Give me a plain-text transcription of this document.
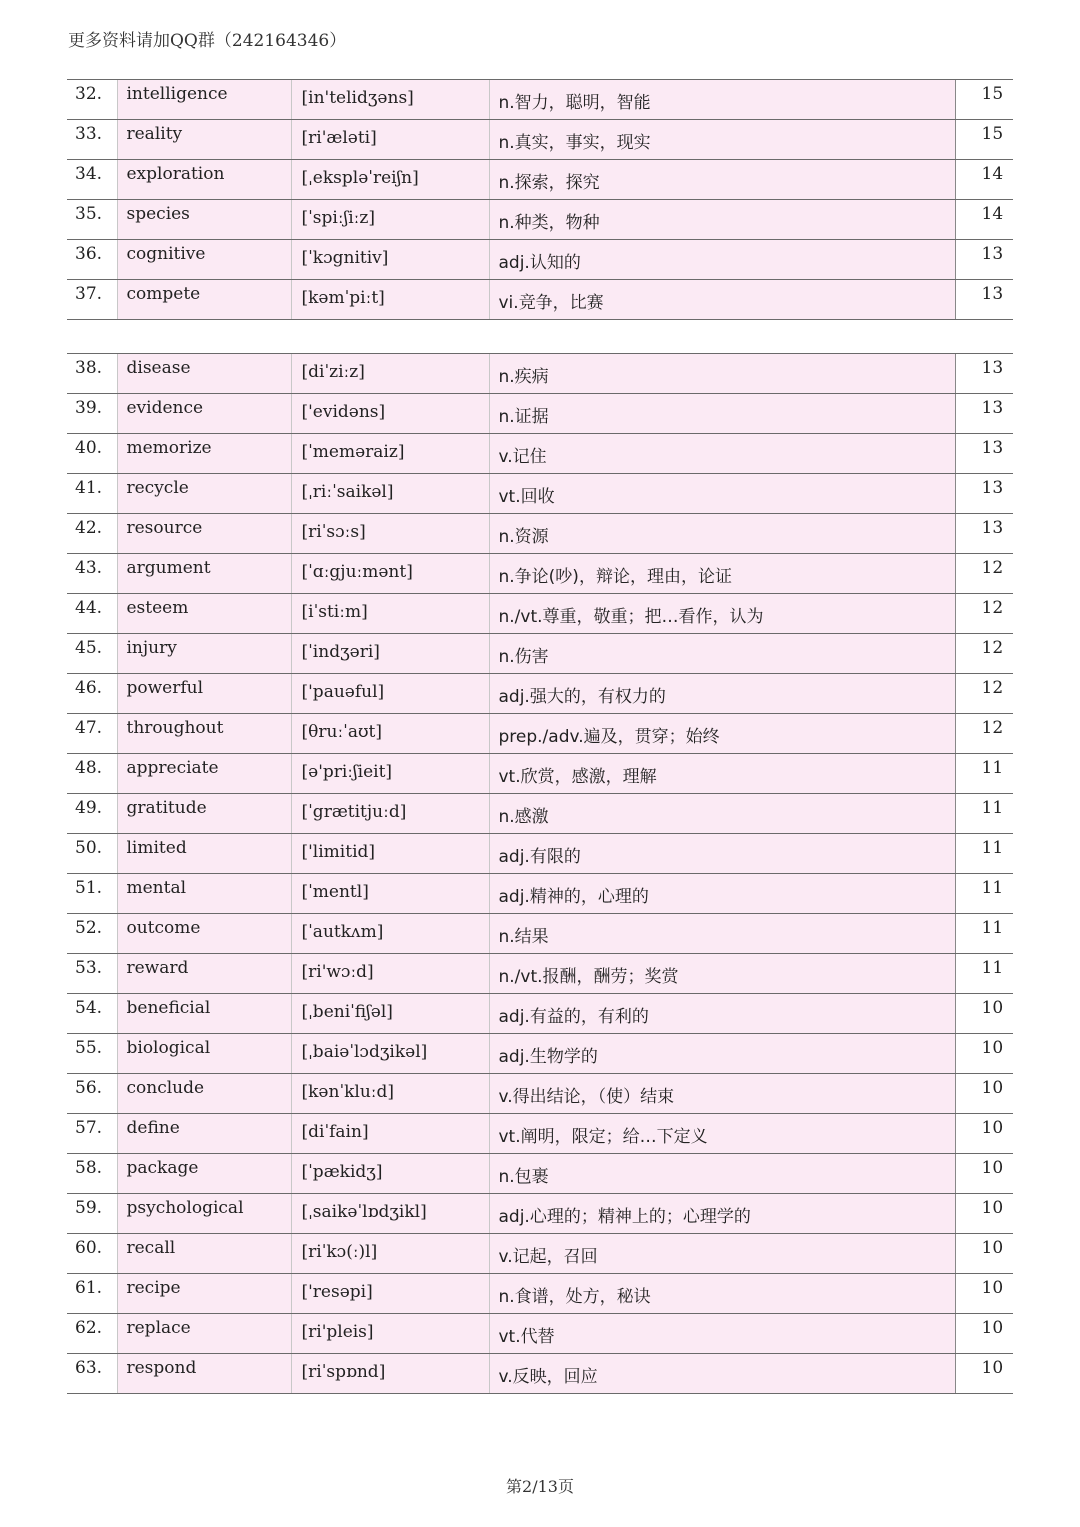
更多资料请加QQ群（242164346）
32.	intelligence	[in'telidʒəns]	n.智力，聪明，智能	15
33.	reality	[ri'æləti]	n.真实，事实，现实	15
34.	exploration	[ˌekspləˈreiʃn]	n.探索，探究	14
35.	species	[ˈspiːʃiːz]	n.种类，物种	14
36.	cognitive	[ˈkɔgnitiv]	adj.认知的	13
37.	compete	[kəmˈpiːt]	vi.竞争，比赛	13
38.	disease	[diˈziːz]	n.疾病	13
39.	evidence	['evidəns]	n.证据	13
40.	memorize	[ˈmeməraiz]	v.记住	13
41.	recycle	[ˌriːˈsaikəl]	vt.回收	13
42.	resource	[riˈsɔːs]	n.资源	13
43.	argument	[ˈɑːgjuːmənt]	n.争论(吵)，辩论，理由，论证	12
44.	esteem	[iˈstiːm]	n./vt.尊重，敬重；把…看作，认为	12
45.	injury	[ˈindʒəri]	n.伤害	12
46.	powerful	['pauəful]	adj.强大的，有权力的	12
47.	throughout	[θruːˈaʊt]	prep./adv.遍及，贯穿；始终	12
48.	appreciate	[ə'priːʃieit]	vt.欣赏，感激，理解	11
49.	gratitude	[ˈgrætitjuːd]	n.感激	11
50.	limited	['limitid]	adj.有限的	11
51.	mental	[ˈmentl]	adj.精神的，心理的	11
52.	outcome	[ˈautkʌm]	n.结果	11
53.	reward	[ri'wɔːd]	n./vt.报酬，酬劳；奖赏	11
54.	beneficial	[ˌbeniˈfiʃəl]	adj.有益的，有利的	10
55.	biological	[ˌbaiəˈlɔdʒikəl]	adj.生物学的	10
56.	conclude	[kənˈkluːd]	v.得出结论，（使）结束	10
57.	define	[diˈfain]	vt.阐明，限定；给…下定义	10
58.	package	[ˈpækidʒ]	n.包裹	10
59.	psychological	[ˌsaikəˈlɒdʒikl]	adj.心理的；精神上的；心理学的	10
60.	recall	[riˈkɔ(ː)l]	v.记起，召回	10
61.	recipe	['resəpi]	n.食谱，处方，秘诀	10
62.	replace	[ri'pleis]	vt.代替	10
63.	respond	[riˈspɒnd]	v.反映，回应	10
第2/13页
